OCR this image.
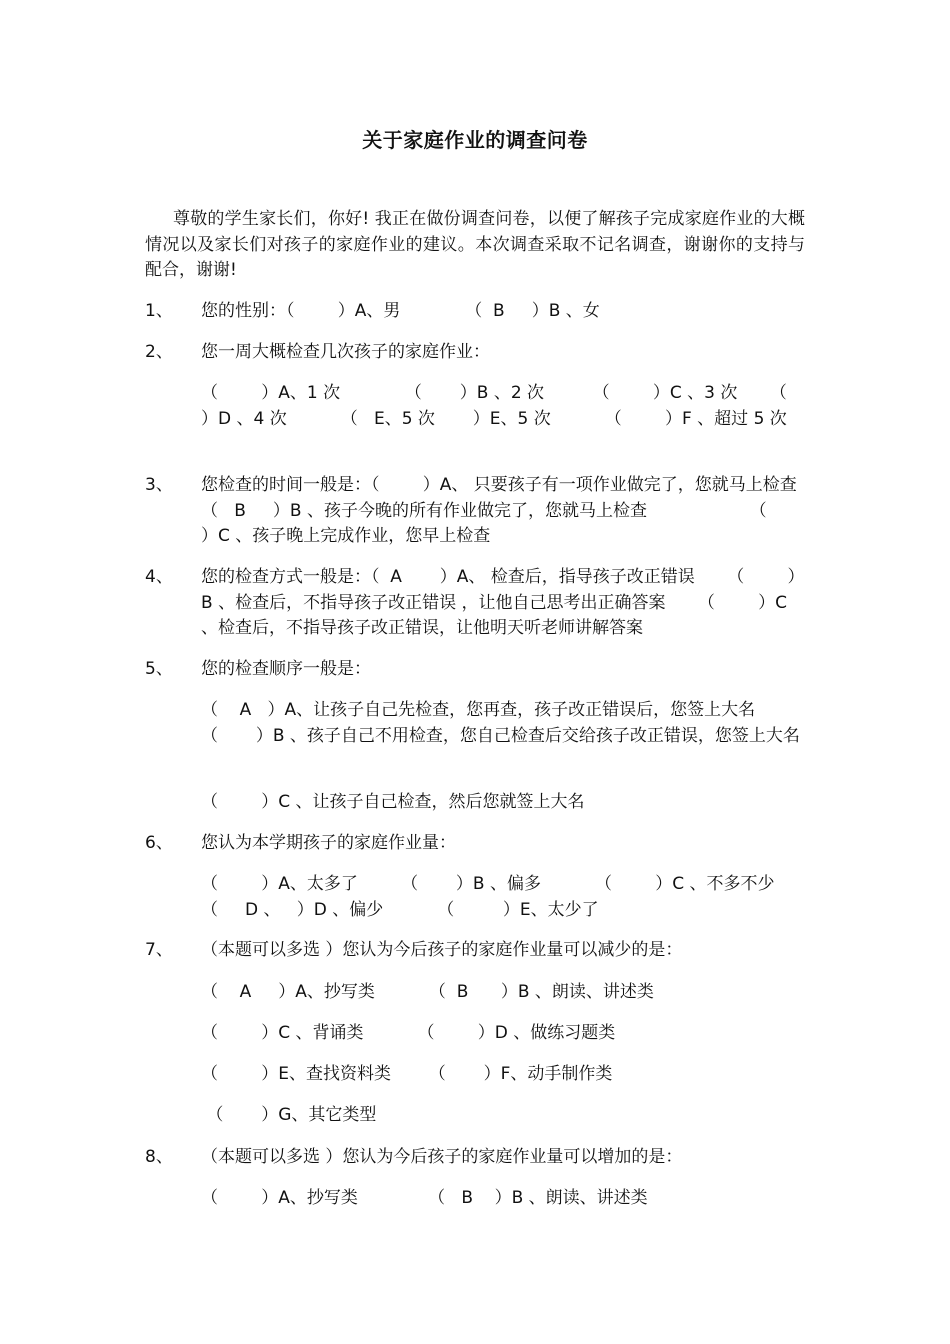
关于家庭作业的调查问卷
尊敬的学生家长们，你好! 我正在做份调查问卷，以便了解孩子完成家庭作业的大概情况以及家长们对孩子的家庭作业的建议。本次调查采取不记名调查，谢谢你的支持与配合，谢谢!
1、	您的性别：（        ）A、男            （  B     ）B 、女
2、	您一周大概检查几次孩子的家庭作业：
（        ）A、1 次            （       ）B 、2 次         （        ）C 、3 次      （        ）D 、4 次          （   E、5 次       ）E、5 次          （        ）F 、超过 5 次
3、	您检查的时间一般是：（        ）A、 只要孩子有一项作业做完了，您就马上检查                     （   B     ）B 、孩子今晚的所有作业做完了，您就马上检查                   （        ）C 、孩子晚上完成作业，您早上检查
4、	您的检查方式一般是：（  A       ）A、 检查后，指导孩子改正错误      （        ）B 、检查后，不指导孩子改正错误 ，让他自己思考出正确答案      （        ）C 、检查后，不指导孩子改正错误，让他明天听老师讲解答案
5、	您的检查顺序一般是：
（    A   ）A、让孩子自己先检查，您再查，孩子改正错误后，您签上大名          （       ）B 、孩子自己不用检查，您自己检查后交给孩子改正错误，您签上大名
（        ）C 、让孩子自己检查，然后您就签上大名
6、	您认为本学期孩子的家庭作业量：
（        ）A、太多了        （       ）B 、偏多          （        ）C 、不多不少     （     D 、   ）D 、偏少          （         ）E、太少了
7、	（本题可以多选 ）您认为今后孩子的家庭作业量可以减少的是：
（    A     ）A、抄写类          （  B      ）B 、朗读、讲述类
（        ）C 、背诵类          （        ）D 、做练习题类
（        ）E、查找资料类       （       ）F、动手制作类
（       ）G、其它类型
8、	（本题可以多选 ）您认为今后孩子的家庭作业量可以增加的是：
（        ）A、抄写类             （   B    ）B 、朗读、讲述类
